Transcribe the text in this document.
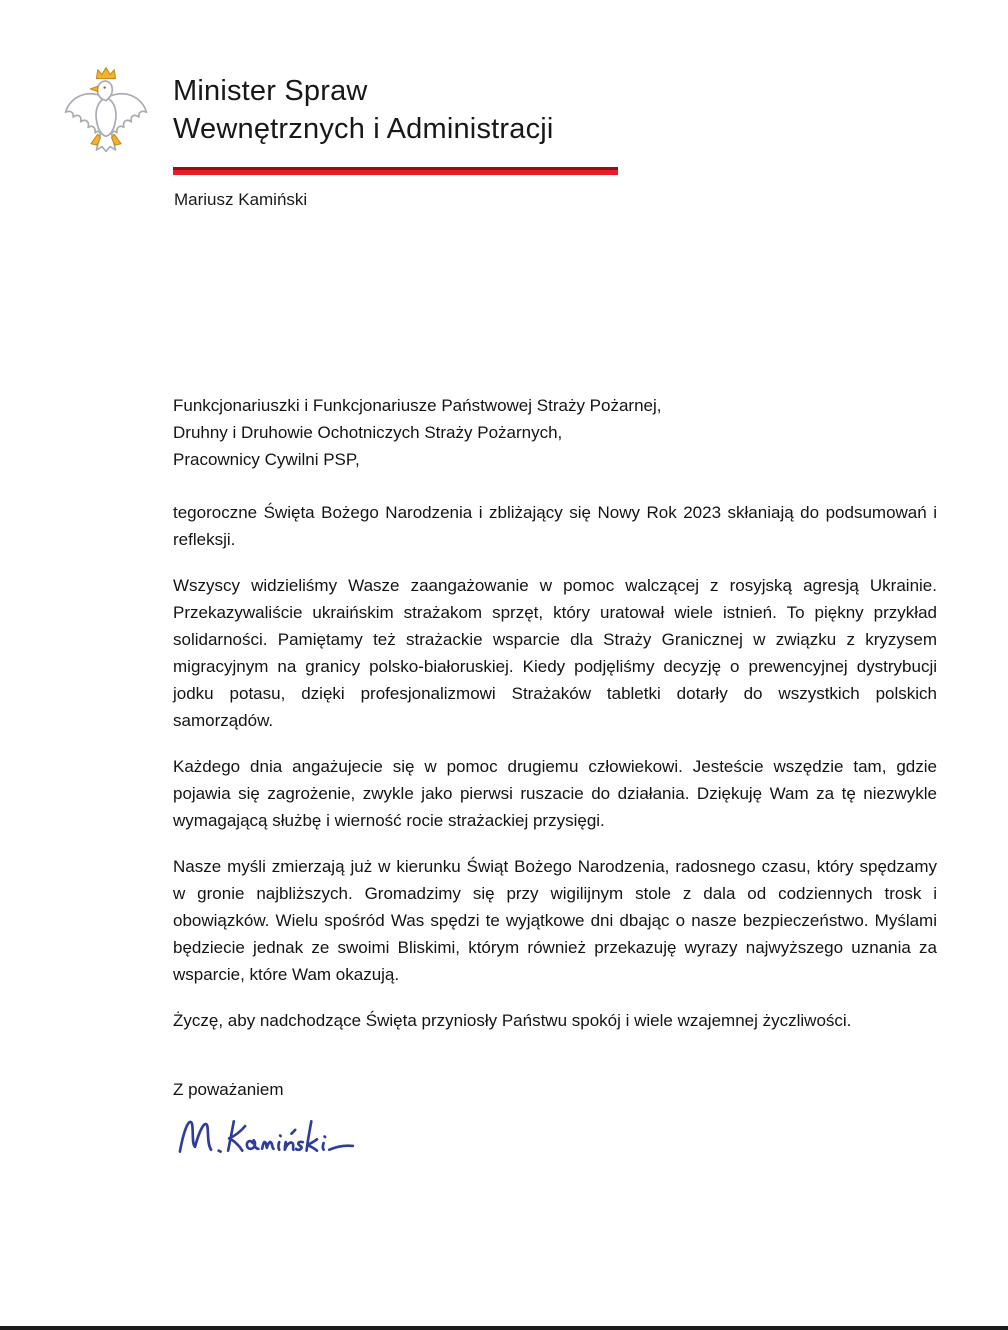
Minister Spraw
Wewnętrznych i Administracji
Mariusz Kamiński
Funkcjonariuszki i Funkcjonariusze Państwowej Straży Pożarnej,
Druhny i Druhowie Ochotniczych Straży Pożarnych,
Pracownicy Cywilni PSP,

tegoroczne Święta Bożego Narodzenia i zbliżający się Nowy Rok 2023 skłaniają do podsumowań i refleksji.

Wszyscy widzieliśmy Wasze zaangażowanie w pomoc walczącej z rosyjską agresją Ukrainie. Przekazywaliście ukraińskim strażakom sprzęt, który uratował wiele istnień. To piękny przykład solidarności. Pamiętamy też strażackie wsparcie dla Straży Granicznej w związku z kryzysem migracyjnym na granicy polsko-białoruskiej. Kiedy podjęliśmy decyzję o prewencyjnej dystrybucji jodku potasu, dzięki profesjonalizmowi Strażaków tabletki dotarły do wszystkich polskich samorządów.

Każdego dnia angażujecie się w pomoc drugiemu człowiekowi. Jesteście wszędzie tam, gdzie pojawia się zagrożenie, zwykle jako pierwsi ruszacie do działania. Dziękuję Wam za tę niezwykle wymagającą służbę i wierność rocie strażackiej przysięgi.

Nasze myśli zmierzają już w kierunku Świąt Bożego Narodzenia, radosnego czasu, który spędzamy w gronie najbliższych. Gromadzimy się przy wigilijnym stole z dala od codziennych trosk i obowiązków. Wielu spośród Was spędzi te wyjątkowe dni dbając o nasze bezpieczeństwo. Myślami będziecie jednak ze swoimi Bliskimi, którym również przekazuję wyrazy najwyższego uznania za wsparcie, które Wam okazują.

Życzę, aby nadchodzące Święta przyniosły Państwu spokój i wiele wzajemnej życzliwości.

Z poważaniem
